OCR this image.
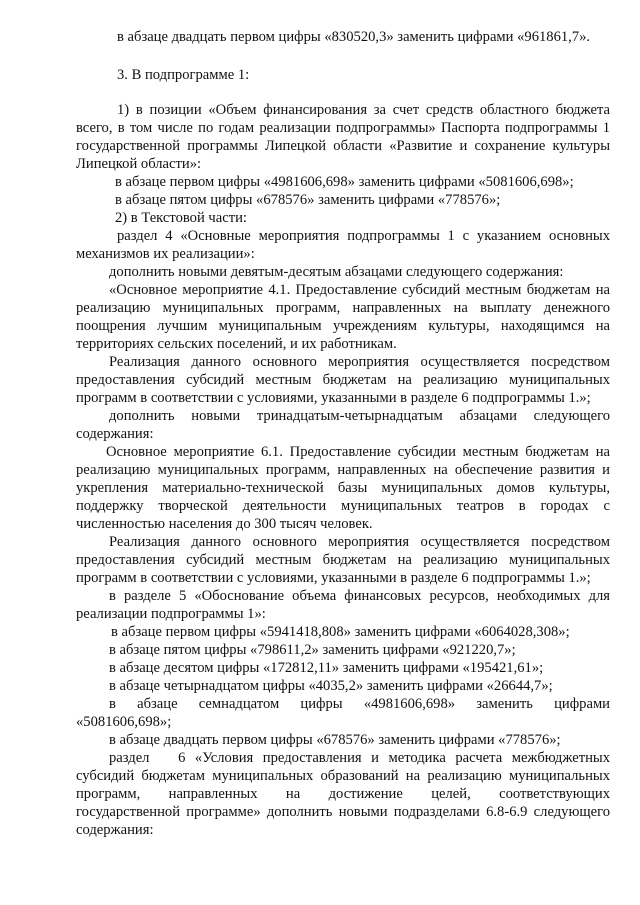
в абзаце двадцать первом цифры «830520,3» заменить цифрами «961861,7».
3. В подпрограмме 1:
1) в позиции «Объем финансирования за счет средств областного бюджета всего, в том числе по годам реализации подпрограммы» Паспорта подпрограммы 1 государственной программы Липецкой области «Развитие и сохранение культуры Липецкой области»:
в абзаце первом цифры «4981606,698» заменить цифрами «5081606,698»;
в абзаце пятом цифры «678576» заменить цифрами «778576»;
2) в Текстовой части:
раздел 4 «Основные мероприятия подпрограммы 1 с указанием основных механизмов их реализации»:
дополнить новыми девятым-десятым абзацами следующего содержания:
«Основное мероприятие 4.1. Предоставление субсидий местным бюджетам на реализацию муниципальных программ, направленных на выплату денежного поощрения лучшим муниципальным учреждениям культуры, находящимся на территориях сельских поселений, и их работникам.
Реализация данного основного мероприятия осуществляется посредством предоставления субсидий местным бюджетам на реализацию муниципальных программ в соответствии с условиями, указанными в разделе 6 подпрограммы 1.»;
дополнить новыми тринадцатым-четырнадцатым абзацами следующего содержания:
Основное мероприятие 6.1. Предоставление субсидии местным бюджетам на реализацию муниципальных программ, направленных на обеспечение развития и укрепления материально-технической базы муниципальных домов культуры, поддержку творческой деятельности муниципальных театров в городах с численностью населения до 300 тысяч человек.
Реализация данного основного мероприятия осуществляется посредством предоставления субсидий местным бюджетам на реализацию муниципальных программ в соответствии с условиями, указанными в разделе 6 подпрограммы 1.»;
в разделе 5 «Обоснование объема финансовых ресурсов, необходимых для реализации подпрограммы 1»:
в абзаце первом цифры «5941418,808» заменить цифрами «6064028,308»;
в абзаце пятом цифры «798611,2» заменить цифрами «921220,7»;
в абзаце десятом цифры «172812,11» заменить цифрами «195421,61»;
в абзаце четырнадцатом цифры «4035,2» заменить цифрами «26644,7»;
в     абзаце     семнадцатом     цифры     «4981606,698»     заменить     цифрами «5081606,698»;
в абзаце двадцать первом цифры «678576» заменить цифрами «778576»;
раздел   6 «Условия предоставления и методика расчета межбюджетных субсидий бюджетам муниципальных образований на реализацию муниципальных программ,       направленных       на       достижение       целей,       соответствующих государственной программе» дополнить новыми подразделами 6.8-6.9 следующего содержания:
